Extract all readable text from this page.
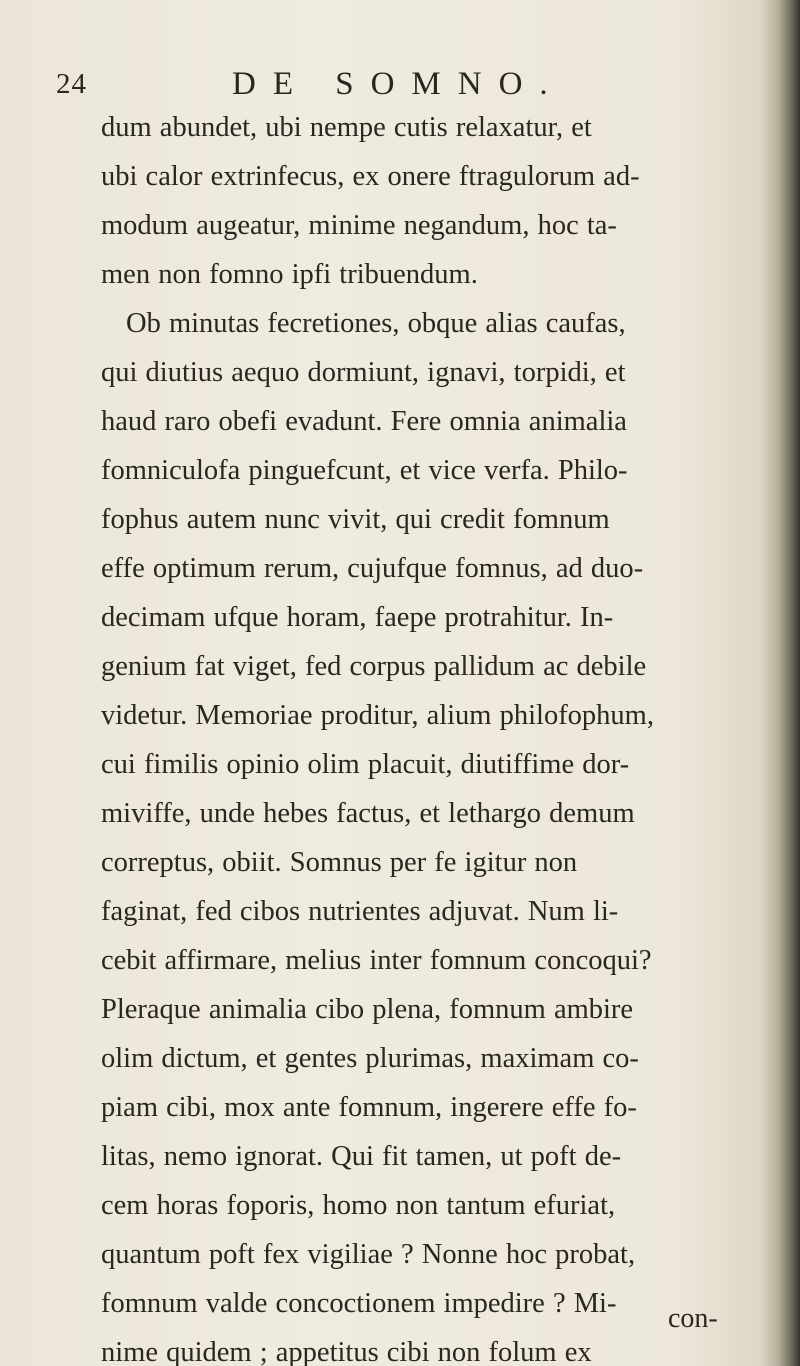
24	DE SOMNO.
dum abundet, ubi nempe cutis relaxatur, et
ubi calor extrinfecus, ex onere ftragulorum ad-
modum augeatur, minime negandum, hoc ta-
men non fomno ipfi tribuendum.
Ob minutas fecretiones, obque alias caufas,
qui diutius aequo dormiunt, ignavi, torpidi, et
haud raro obefi evadunt. Fere omnia animalia
fomniculofa pinguefcunt, et vice verfa. Philo-
fophus autem nunc vivit, qui credit fomnum
effe optimum rerum, cujufque fomnus, ad duo-
decimam ufque horam, faepe protrahitur. In-
genium fat viget, fed corpus pallidum ac debile
videtur. Memoriae proditur, alium philofophum,
cui fimilis opinio olim placuit, diutiffime dor-
miviffe, unde hebes factus, et lethargo demum
correptus, obiit. Somnus per fe igitur non
faginat, fed cibos nutrientes adjuvat. Num li-
cebit affirmare, melius inter fomnum concoqui?
Pleraque animalia cibo plena, fomnum ambire
olim dictum, et gentes plurimas, maximam co-
piam cibi, mox ante fomnum, ingerere effe fo-
litas, nemo ignorat. Qui fit tamen, ut poft de-
cem horas foporis, homo non tantum efuriat,
quantum poft fex vigiliae ? Nonne hoc probat,
fomnum valde concoctionem impedire ? Mi-
nime quidem ; appetitus cibi non folum ex
con-
